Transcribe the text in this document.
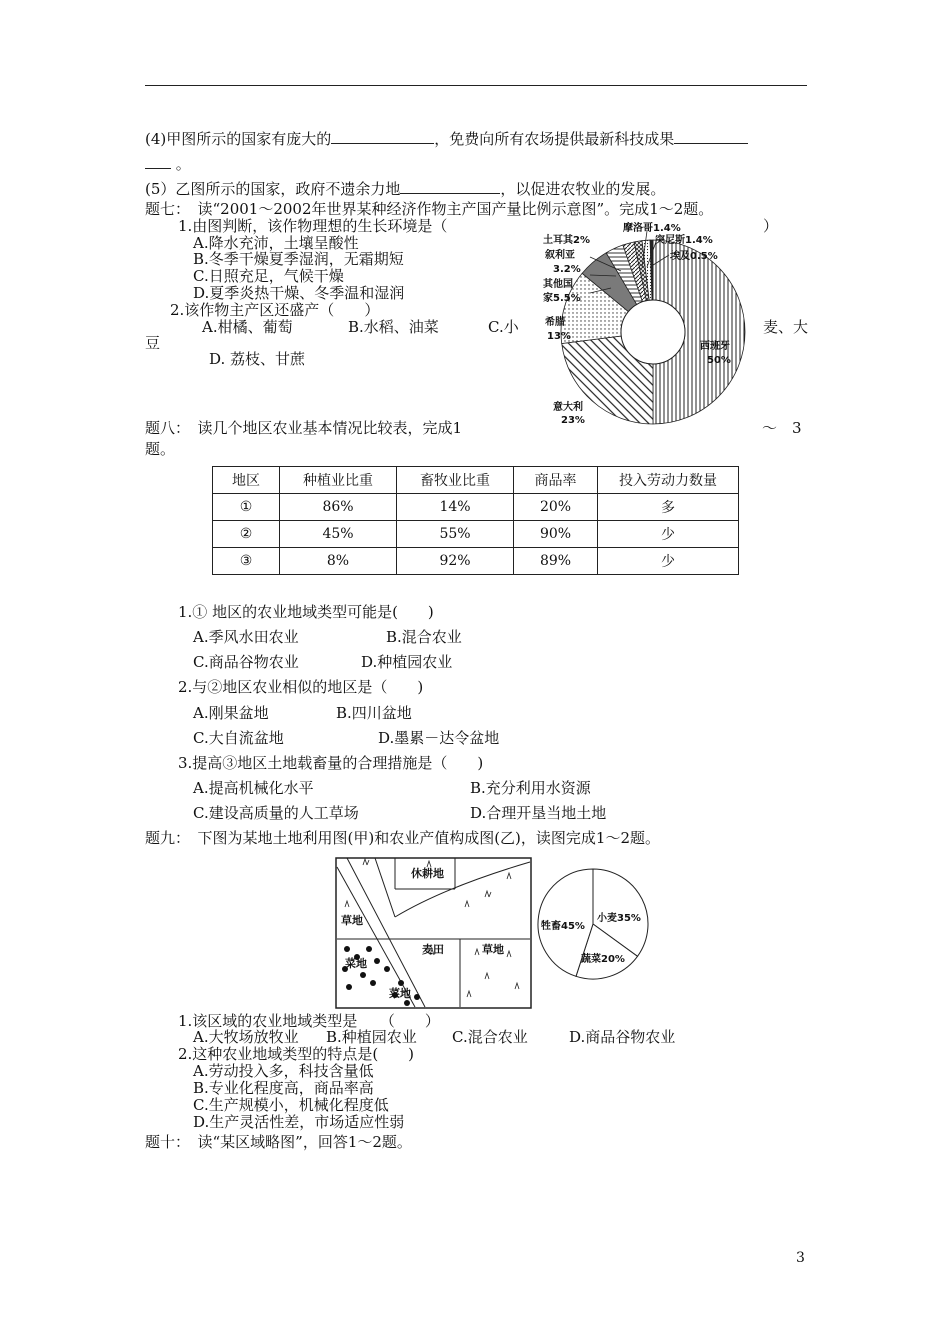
(4)甲图所示的国家有庞大的	，免费向所有农场提供最新科技成果
。
(5）乙图所示的国家，政府不遗余力地	，以促进农牧业的发展。
题七：　读“2001～2002年世界某种经济作物主产国产量比例示意图”。完成1～2题。
1.由图判断，该作物理想的生长环境是（	）
A.降水充沛，土壤呈酸性
B.冬季干燥夏季湿润，无霜期短
C.日照充足，气候干燥
D.夏季炎热干燥、冬季温和湿润
2.该作物主产区还盛产（　　）
A.柑橘、葡萄	B.水稻、油菜	C.小	麦、大
豆
D. 荔枝、甘蔗
土耳其2%
叙利亚
3.2%
其他国
家5.5%
希腊
13%
摩洛哥1.4%
突尼斯1.4%
埃及0.5%
意大利
23%
西班牙
50%
题八：　读几个地区农业基本情况比较表，完成1	～　3
题。
地区	种植业比重	畜牧业比重	商品率	投入劳动力数量
①	86%	14%	20%	多
②	45%	55%	90%	少
③	8%	92%	89%	少
1.① 地区的农业地域类型可能是(　　)
A.季风水田农业	B.混合农业
C.商品谷物农业	D.种植园农业
2.与②地区农业相似的地区是（　　)
A.刚果盆地	B.四川盆地
C.大自流盆地	D.墨累－达令盆地
3.提高③地区土地载畜量的合理措施是（　　)
A.提高机械化水平	B.充分利用水资源
C.建设高质量的人工草场	D.合理开垦当地土地
题九：　下图为某地土地利用图(甲)和农业产值构成图(乙)，读图完成1～2题。
休耕地
草地
菜地
麦田	草地
菜地
牲畜45%
小麦35%
蔬菜20%
1.该区域的农业地域类型是　　（　　）
A.大牧场放牧业 B.种植园农业 C.混合农业	D.商品谷物农业
2.这种农业地域类型的特点是(　　)
A.劳动投入多，科技含量低
B.专业化程度高，商品率高
C.生产规模小，机械化程度低
D.生产灵活性差，市场适应性弱
题十：　读“某区域略图”，回答1～2题。
3
